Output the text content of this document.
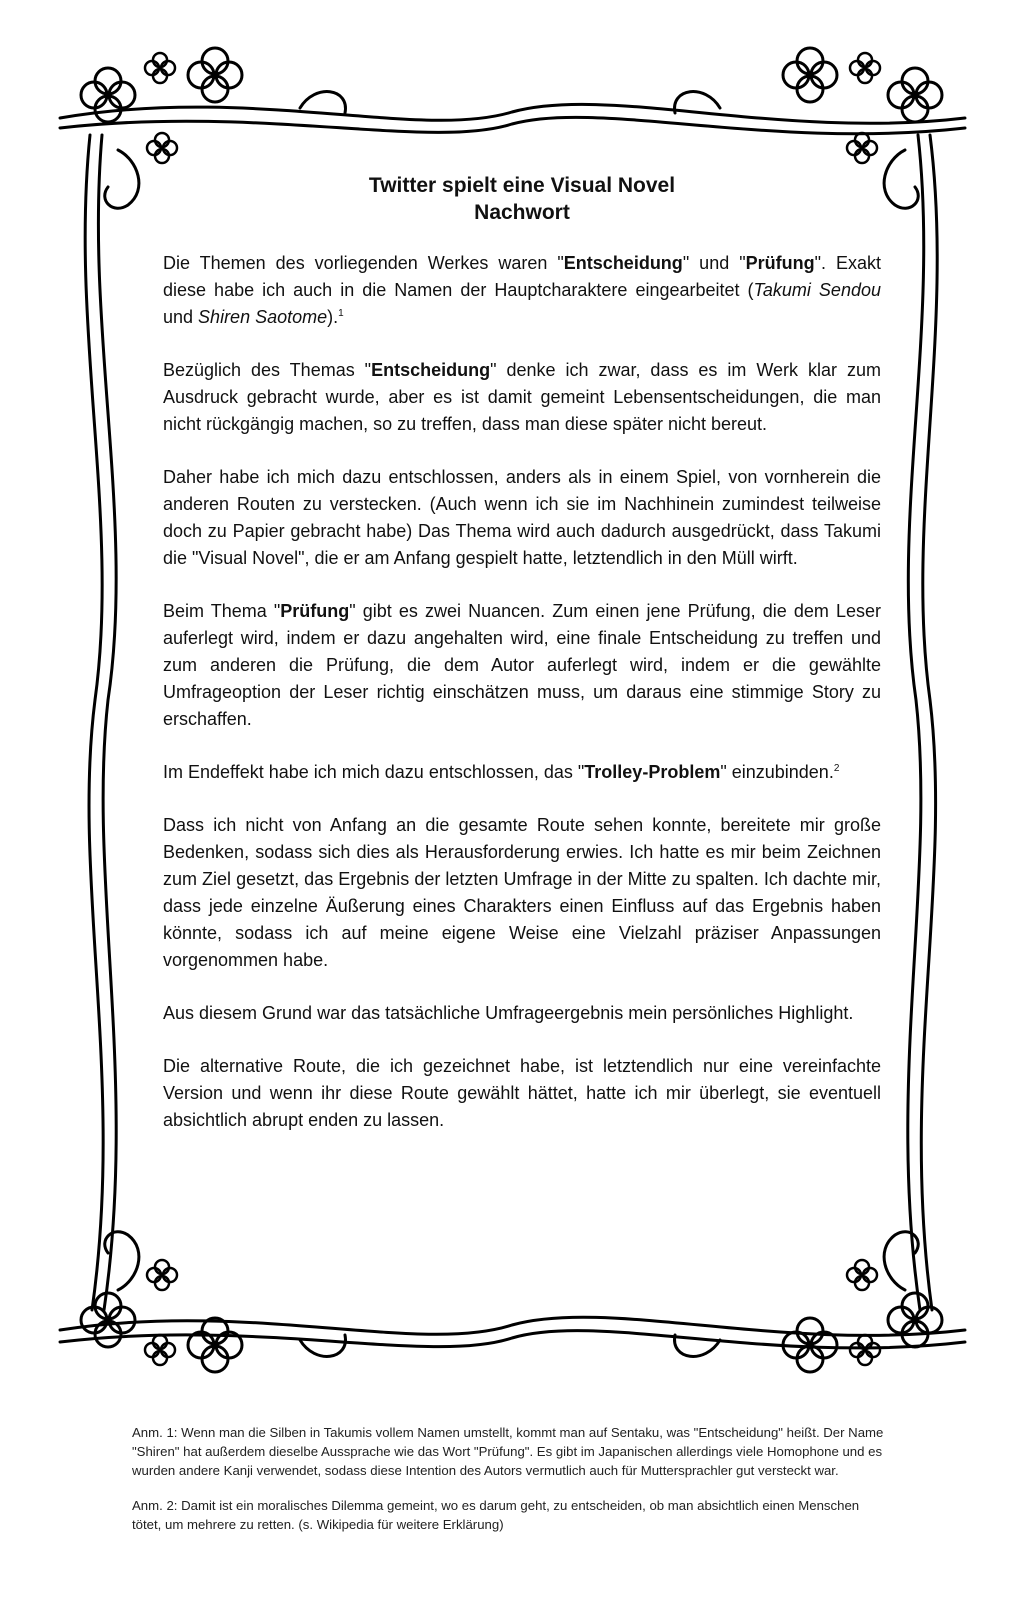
Twitter spielt eine Visual Novel
Nachwort

Die Themen des vorliegenden Werkes waren "Entscheidung" und "Prüfung". Exakt diese habe ich auch in die Namen der Hauptcharaktere eingearbeitet (Takumi Sendou und Shiren Saotome).$^1$

Bezüglich des Themas "Entscheidung" denke ich zwar, dass es im Werk klar zum Ausdruck gebracht wurde, aber es ist damit gemeint Lebensentscheidungen, die man nicht rückgängig machen, so zu treffen, dass man diese später nicht bereut.

Daher habe ich mich dazu entschlossen, anders als in einem Spiel, von vornherein die anderen Routen zu verstecken. (Auch wenn ich sie im Nachhinein zumindest teilweise doch zu Papier gebracht habe) Das Thema wird auch dadurch ausgedrückt, dass Takumi die "Visual Novel", die er am Anfang gespielt hatte, letztendlich in den Müll wirft.

Beim Thema "Prüfung" gibt es zwei Nuancen. Zum einen jene Prüfung, die dem Leser auferlegt wird, indem er dazu angehalten wird, eine finale Entscheidung zu treffen und zum anderen die Prüfung, die dem Autor auferlegt wird, indem er die gewählte Umfrageoption der Leser richtig einschätzen muss, um daraus eine stimmige Story zu erschaffen.

Im Endeffekt habe ich mich dazu entschlossen, das "Trolley-Problem" einzubinden.$^2$

Dass ich nicht von Anfang an die gesamte Route sehen konnte, bereitete mir große Bedenken, sodass sich dies als Herausforderung erwies. Ich hatte es mir beim Zeichnen zum Ziel gesetzt, das Ergebnis der letzten Umfrage in der Mitte zu spalten. Ich dachte mir, dass jede einzelne Äußerung eines Charakters einen Einfluss auf das Ergebnis haben könnte, sodass ich auf meine eigene Weise eine Vielzahl präziser Anpassungen vorgenommen habe.

Aus diesem Grund war das tatsächliche Umfrageergebnis mein persönliches Highlight.

Die alternative Route, die ich gezeichnet habe, ist letztendlich nur eine vereinfachte Version und wenn ihr diese Route gewählt hättet, hatte ich mir überlegt, sie eventuell absichtlich abrupt enden zu lassen.

Anm. 1: Wenn man die Silben in Takumis vollem Namen umstellt, kommt man auf Sentaku, was "Entscheidung" heißt. Der Name "Shiren" hat außerdem dieselbe Aussprache wie das Wort "Prüfung". Es gibt im Japanischen allerdings viele Homophone und es wurden andere Kanji verwendet, sodass diese Intention des Autors vermutlich auch für Muttersprachler gut versteckt war.

Anm. 2: Damit ist ein moralisches Dilemma gemeint, wo es darum geht, zu entscheiden, ob man absichtlich einen Menschen tötet, um mehrere zu retten. (s. Wikipedia für weitere Erklärung)
